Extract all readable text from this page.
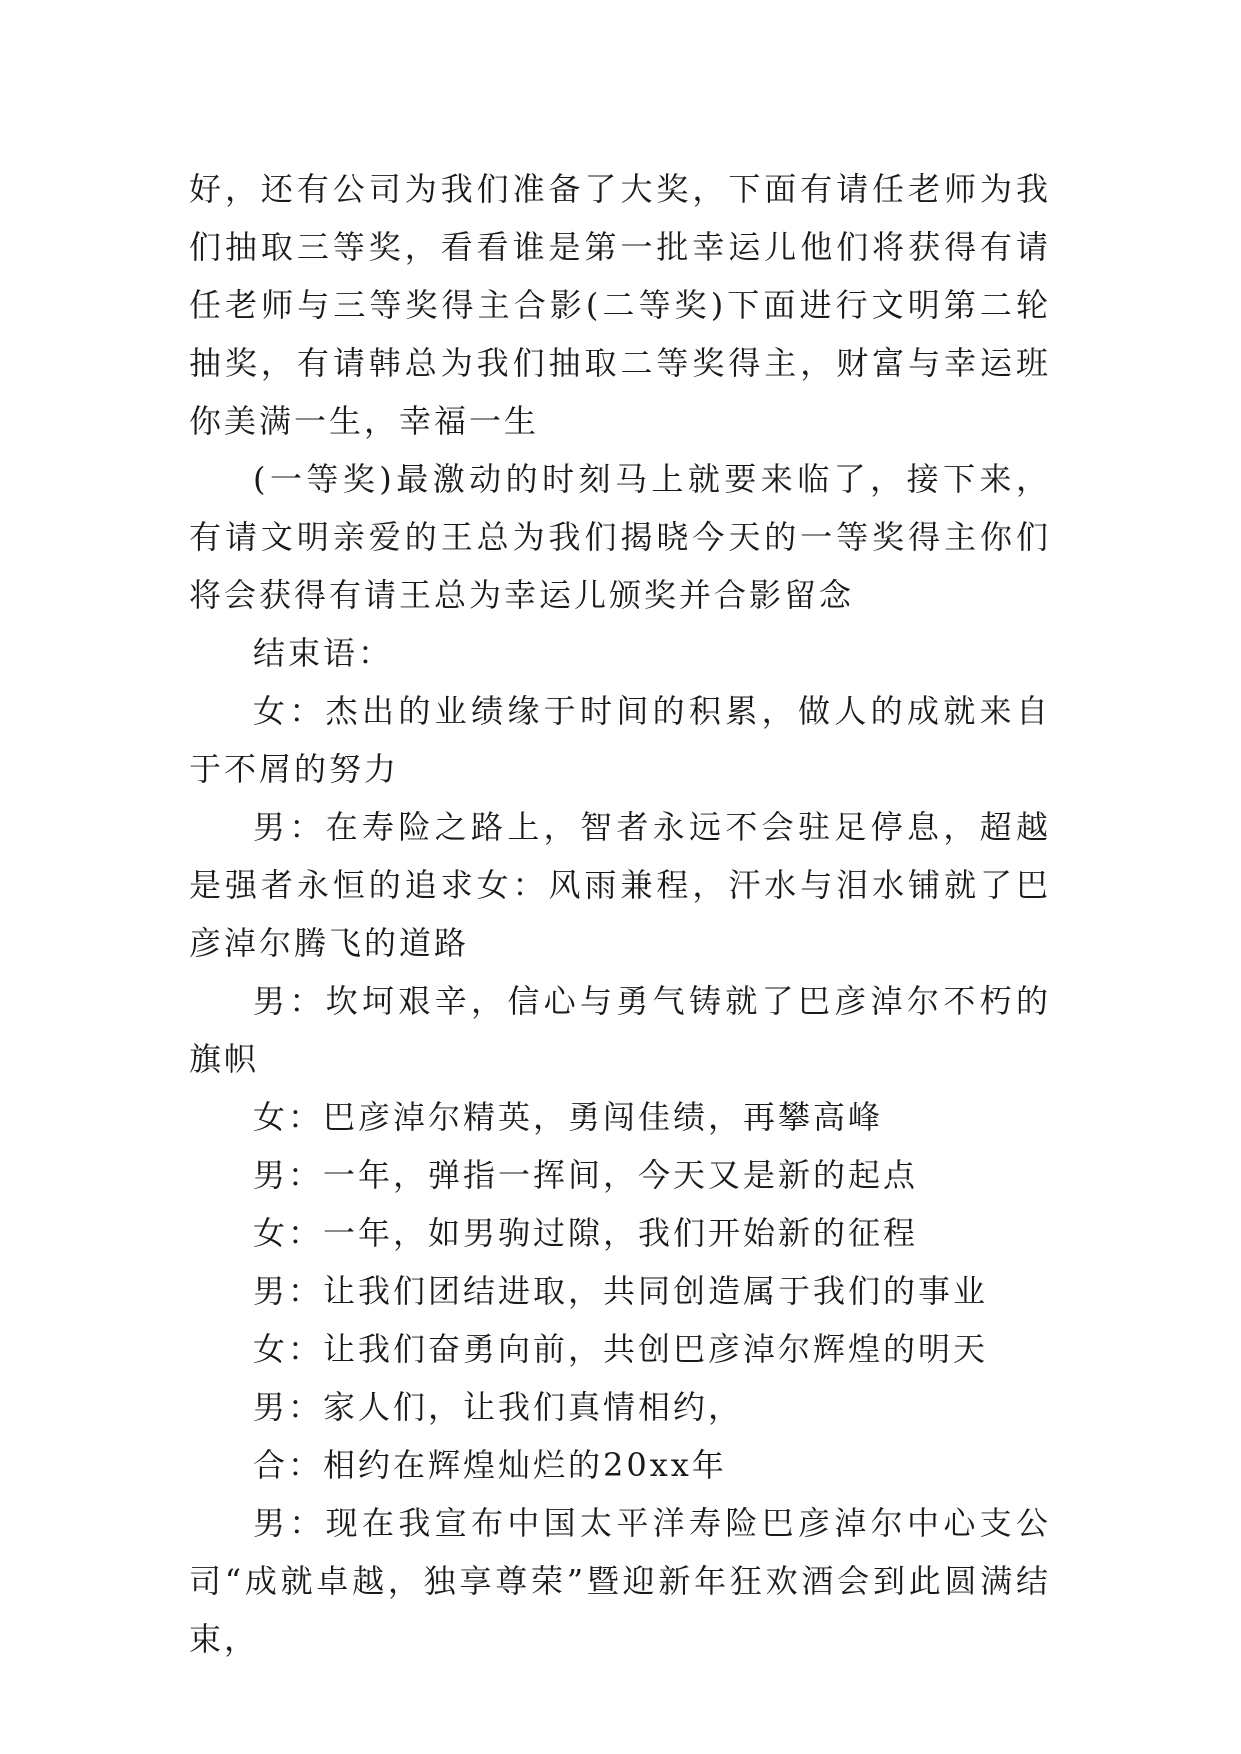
好，还有公司为我们准备了大奖，下面有请任老师为我们抽取三等奖，看看谁是第一批幸运儿他们将获得有请任老师与三等奖得主合影(二等奖)下面进行文明第二轮抽奖，有请韩总为我们抽取二等奖得主，财富与幸运班你美满一生，幸福一生

(一等奖)最激动的时刻马上就要来临了，接下来，有请文明亲爱的王总为我们揭晓今天的一等奖得主你们将会获得有请王总为幸运儿颁奖并合影留念

结束语：

女：杰出的业绩缘于时间的积累，做人的成就来自于不屑的努力

男：在寿险之路上，智者永远不会驻足停息，超越是强者永恒的追求女：风雨兼程，汗水与泪水铺就了巴彦淖尔腾飞的道路

男：坎坷艰辛，信心与勇气铸就了巴彦淖尔不朽的旗帜

女：巴彦淖尔精英，勇闯佳绩，再攀高峰

男：一年，弹指一挥间，今天又是新的起点

女：一年，如男驹过隙，我们开始新的征程

男：让我们团结进取，共同创造属于我们的事业

女：让我们奋勇向前，共创巴彦淖尔辉煌的明天

男：家人们，让我们真情相约，

合：相约在辉煌灿烂的20xx年

男：现在我宣布中国太平洋寿险巴彦淖尔中心支公司“成就卓越，独享尊荣”暨迎新年狂欢酒会到此圆满结束，
